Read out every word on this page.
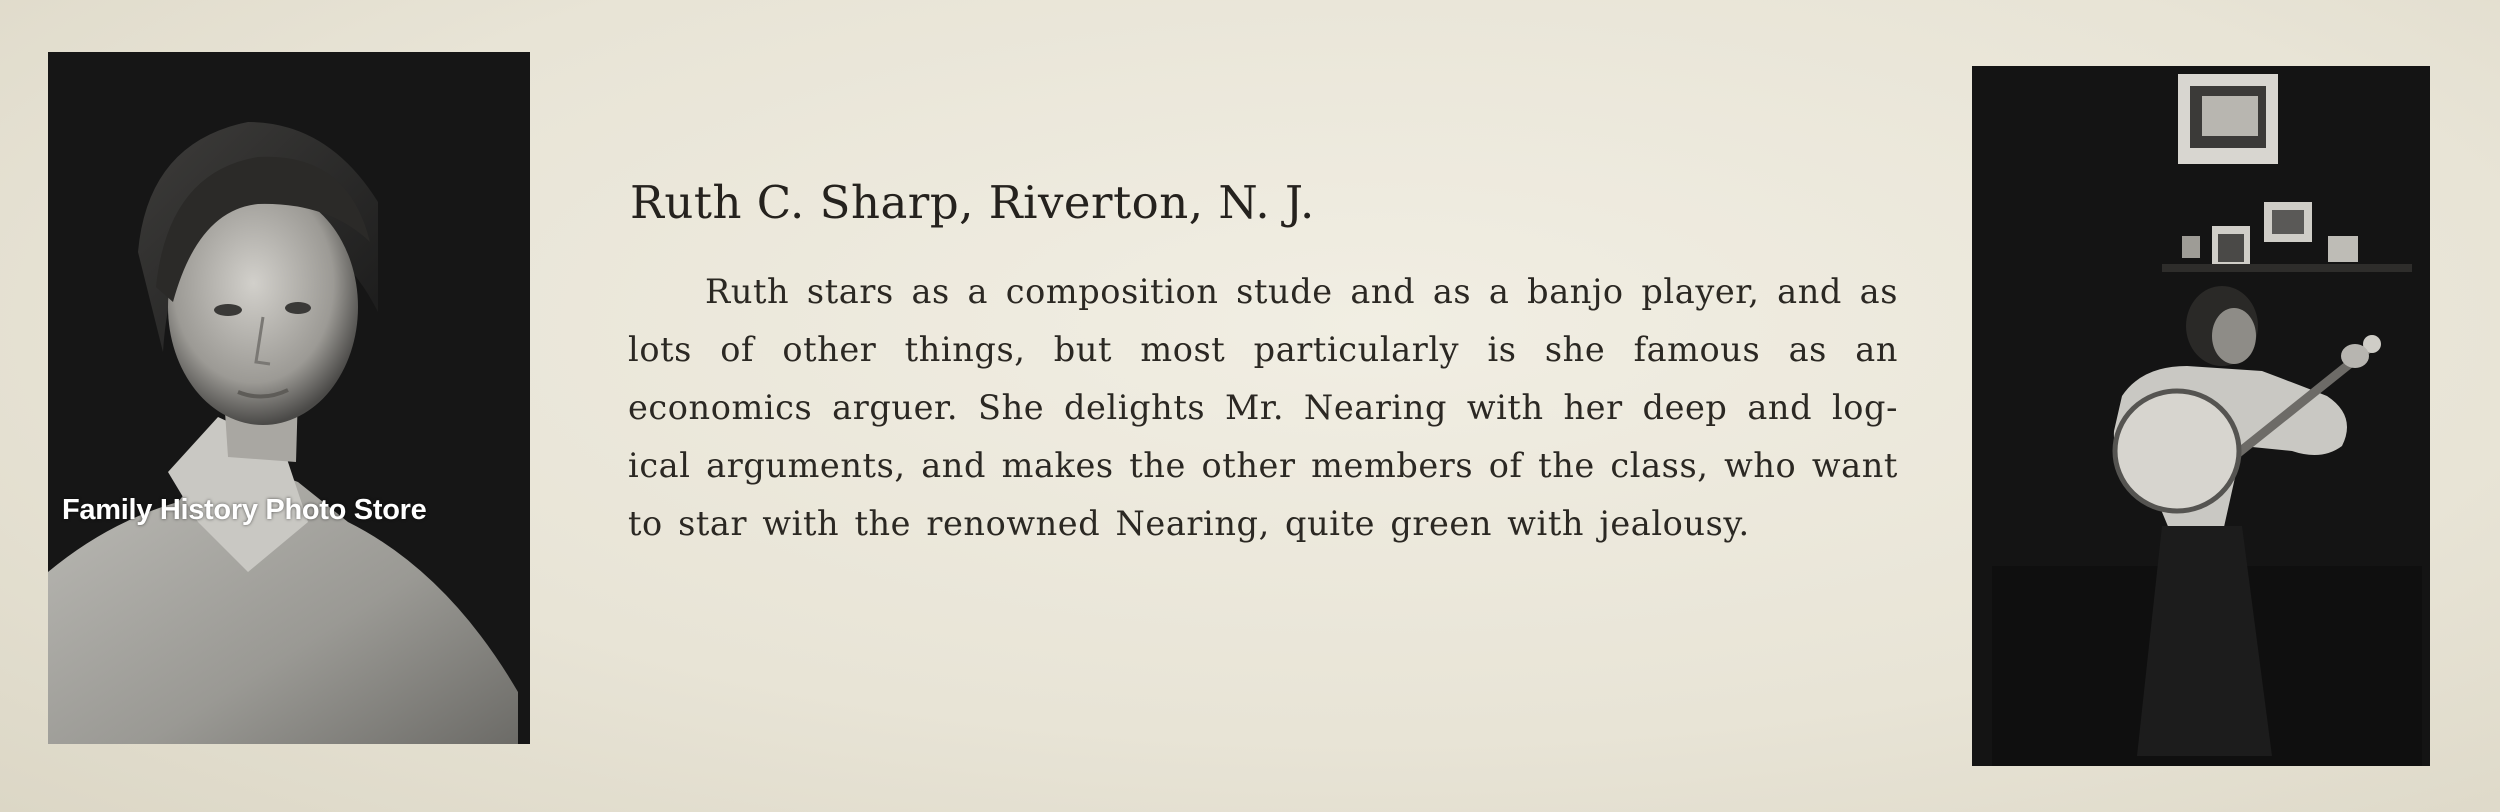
Family History Photo Store
Ruth C. Sharp, Riverton, N. J.

Ruth stars as a composition stude and as a banjo player, and as lots of other things, but most particularly is she famous as an economics arguer. She delights Mr. Nearing with her deep and log-ical arguments, and makes the other members of the class, who want to star with the renowned Nearing, quite green with jealousy.
